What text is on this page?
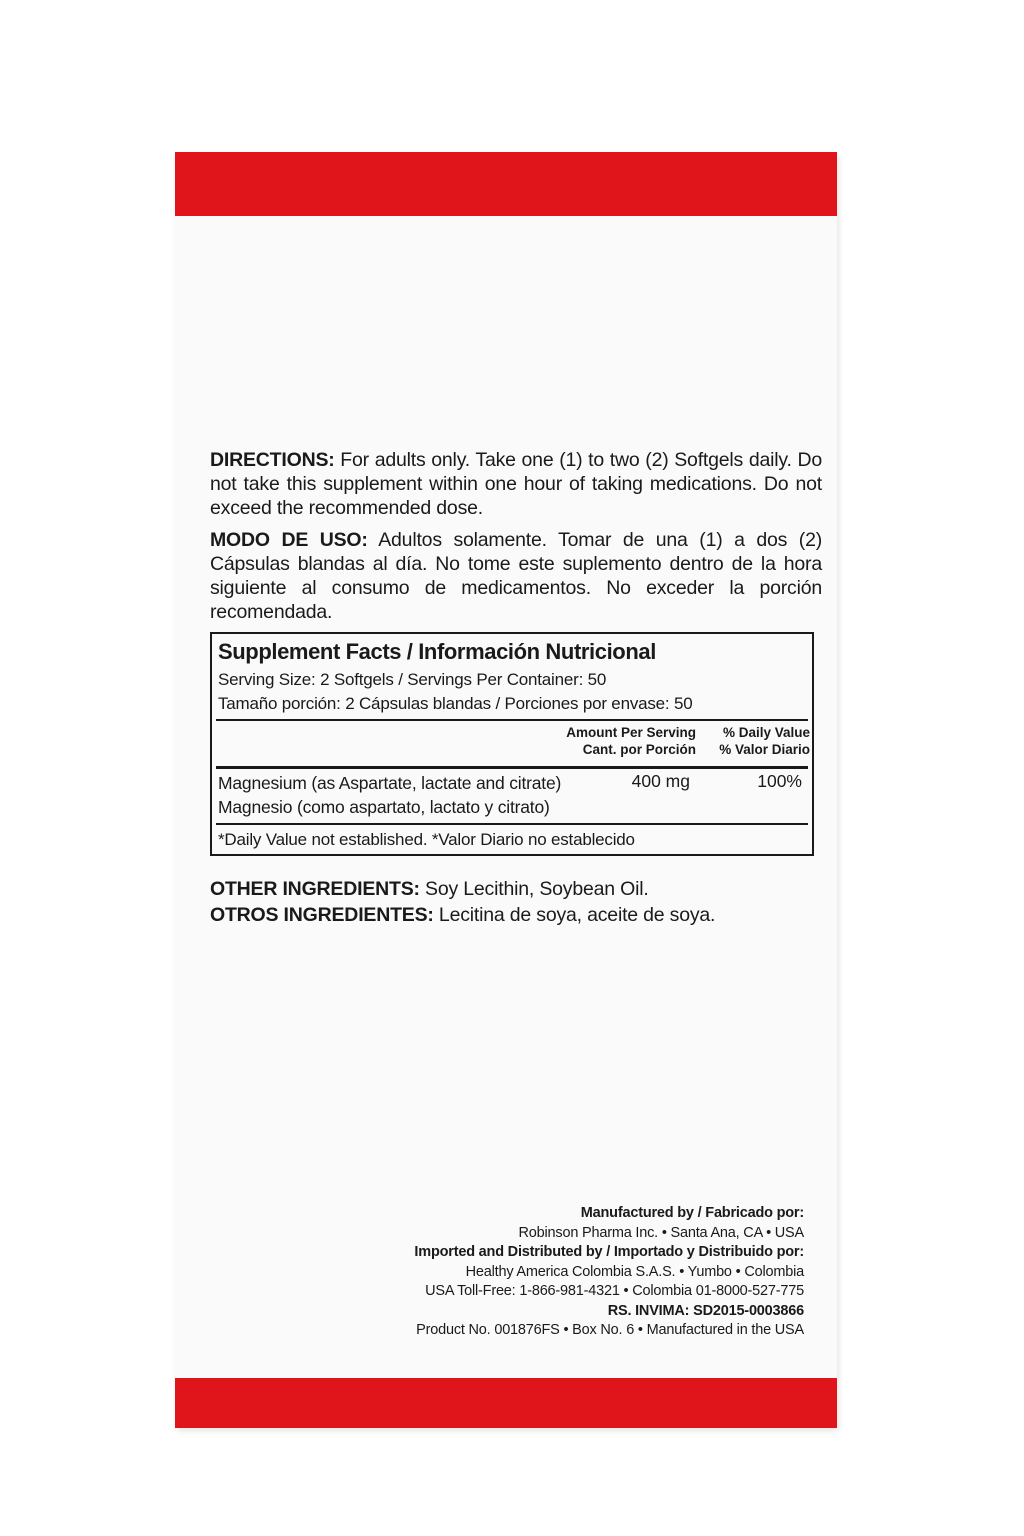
DIRECTIONS: For adults only. Take one (1) to two (2) Softgels daily. Do not take this supplement within one hour of taking medications. Do not exceed the recommended dose.
MODO DE USO: Adultos solamente. Tomar de una (1) a dos (2) Cápsulas blandas al día. No tome este suplemento dentro de la hora siguiente al consumo de medicamentos. No exceder la porción recomendada.
Supplement Facts / Información Nutricional
Serving Size: 2 Softgels / Servings Per Container: 50
Tamaño porción: 2 Cápsulas blandas / Porciones por envase: 50
Amount Per Serving
Cant. por Porción
% Daily Value
% Valor Diario
Magnesium (as Aspartate, lactate and citrate)
Magnesio (como aspartato, lactato y citrato)
400 mg	100%
*Daily Value not established. *Valor Diario no establecido
OTHER INGREDIENTS: Soy Lecithin, Soybean Oil.
OTROS INGREDIENTES: Lecitina de soya, aceite de soya.
Manufactured by / Fabricado por:
Robinson Pharma Inc. • Santa Ana, CA • USA
Imported and Distributed by / Importado y Distribuido por:
Healthy America Colombia S.A.S. • Yumbo • Colombia
USA Toll-Free: 1-866-981-4321 • Colombia 01-8000-527-775
RS. INVIMA: SD2015-0003866
Product No. 001876FS • Box No. 6 • Manufactured in the USA
